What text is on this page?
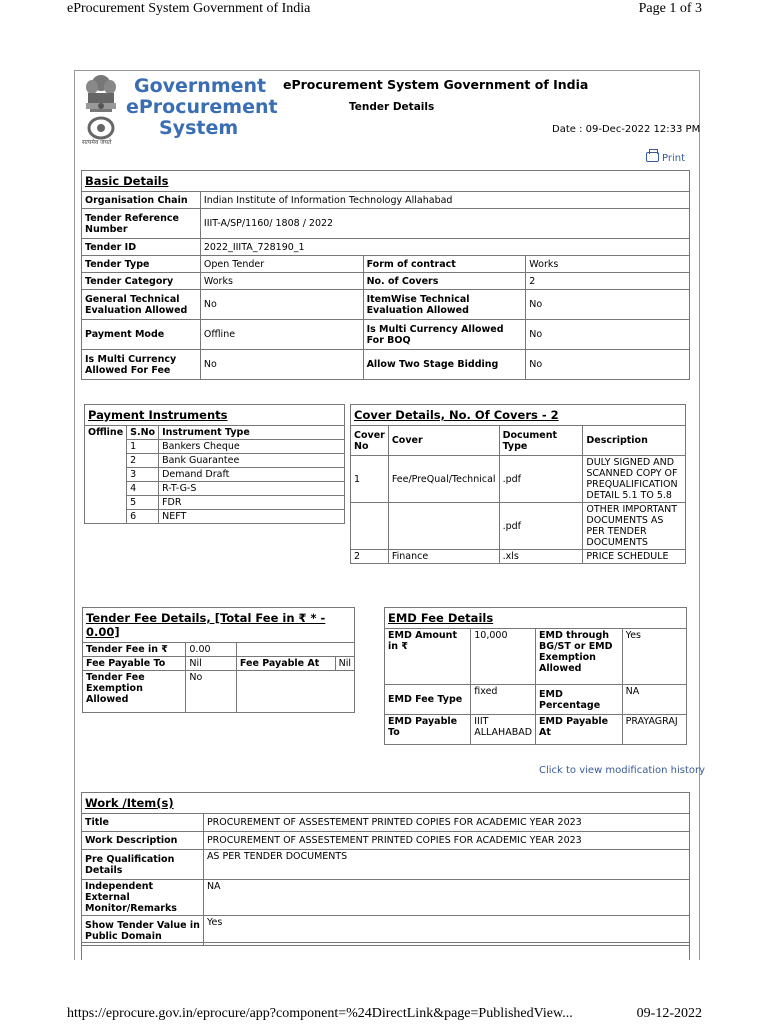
eProcurement System Government of India	Page 1 of 3
सत्यमेव जयते
Government
eProcurement
System
eProcurement System Government of India
Tender Details
Date : 09-Dec-2022 12:33 PM
Print
Basic Details			
Organisation Chain	Indian Institute of Information Technology Allahabad		
Tender Reference Number	IIIT-A/SP/1160/ 1808 / 2022		
Tender ID	2022_IIITA_728190_1		
Tender Type	Open Tender	Form of contract	Works
Tender Category	Works	No. of Covers	2
General Technical Evaluation Allowed	No	ItemWise Technical Evaluation Allowed	No
Payment Mode	Offline	Is Multi Currency Allowed For BOQ	No
Is Multi Currency Allowed For Fee	No	Allow Two Stage Bidding	No
Payment Instruments		
Offline	S.No	Instrument Type
	1	Bankers Cheque
	2	Bank Guarantee
	3	Demand Draft
	4	R-T-G-S
	5	FDR
	6	NEFT
Cover Details, No. Of Covers - 2			
Cover No	Cover	Document Type	Description
1	Fee/PreQual/Technical	.pdf	DULY SIGNED AND SCANNED COPY OF PREQUALIFICATION DETAIL 5.1 TO 5.8
		.pdf	OTHER IMPORTANT DOCUMENTS AS PER TENDER DOCUMENTS
2	Finance	.xls	PRICE SCHEDULE
Tender Fee Details, [Total Fee in ₹ * - 0.00]			
Tender Fee in ₹	0.00		
Fee Payable To	Nil	Fee Payable At	Nil
Tender Fee Exemption Allowed	No		
EMD Fee Details			
EMD Amount in ₹	10,000	EMD through BG/ST or EMD Exemption Allowed	Yes
EMD Fee Type	fixed	EMD Percentage	NA
EMD Payable To	IIIT ALLAHABAD	EMD Payable At	PRAYAGRAJ
Click to view modification history
Work /Item(s)	
Title	PROCUREMENT OF ASSESTEMENT PRINTED COPIES FOR ACADEMIC YEAR 2023
Work Description	PROCUREMENT OF ASSESTEMENT PRINTED COPIES FOR ACADEMIC YEAR 2023
Pre Qualification Details	AS PER TENDER DOCUMENTS
Independent External Monitor/Remarks	NA
Show Tender Value in Public Domain	Yes
https://eprocure.gov.in/eprocure/app?component=%24DirectLink&page=PublishedView...	09-12-2022
